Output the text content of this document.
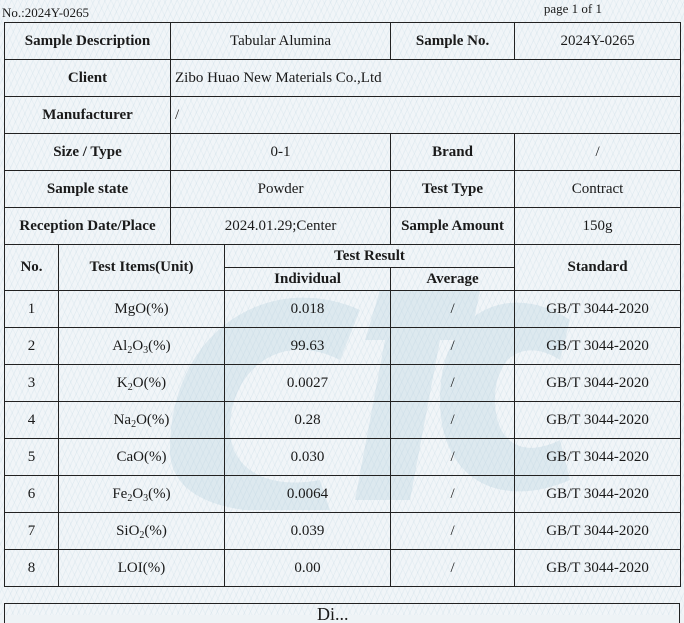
No.:2024Y-0265	page 1 of 1
Sample Description		Tabular Alumina		Sample No.	2024Y-0265
Client		Zibo Huao New Materials Co.,Ltd			
Manufacturer		/			
Size / Type		0-1		Brand	/
Sample state		Powder		Test Type	Contract
Reception Date/Place		2024.01.29;Center		Sample Amount	150g
No.	Test Items(Unit)		Test Result		Standard
			Individual	Average	
1	MgO(%)		0.018	/	GB/T 3044-2020
2	$Al_2O_3(\%)$		99.63	/	GB/T 3044-2020
3	$K_2O(\%)$		0.0027	/	GB/T 3044-2020
4	$Na_2O(\%)$		0.28	/	GB/T 3044-2020
5	CaO(%)		0.030	/	GB/T 3044-2020
6	$Fe_2O_3(\%)$		0.0064	/	GB/T 3044-2020
7	SiO$_2$(%)		0.039	/	GB/T 3044-2020
8	LOI(%)		0.00	/	GB/T 3044-2020
Di...
